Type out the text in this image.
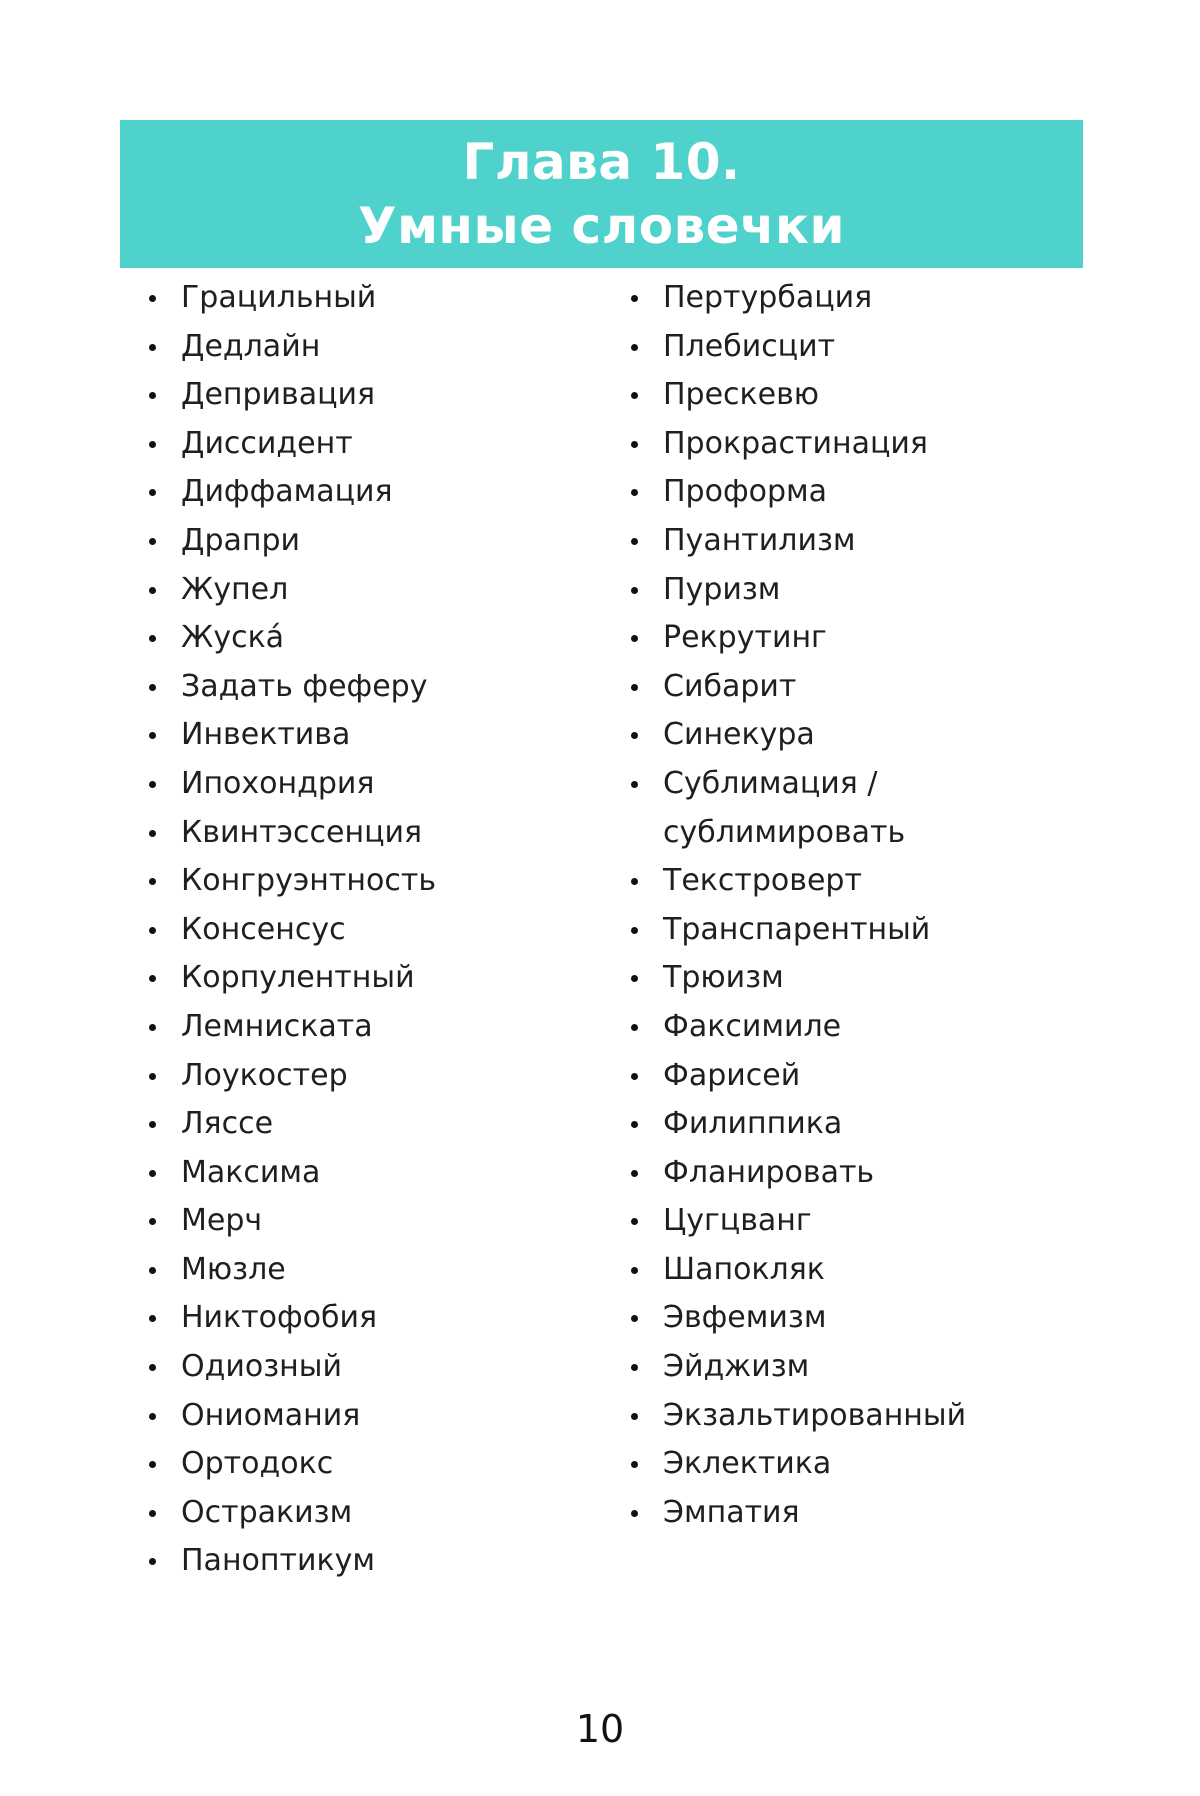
Глава 10.
Умные словечки
Грацильный
Дедлайн
Депривация
Диссидент
Диффамация
Драпри
Жупел
Жускá
Задать феферу
Инвектива
Ипохондрия
Квинтэссенция
Конгруэнтность
Консенсус
Корпулентный
Лемниската
Лоукостер
Ляссе
Максима
Мерч
Мюзле
Никтофобия
Одиозный
Ониомания
Ортодокс
Остракизм
Паноптикум
Пертурбация
Плебисцит
Прескевю
Прокрастинация
Проформа
Пуантилизм
Пуризм
Рекрутинг
Сибарит
Синекура
Сублимация /
сублимировать
Текстроверт
Транспарентный
Трюизм
Факсимиле
Фарисей
Филиппика
Фланировать
Цугцванг
Шапокляк
Эвфемизм
Эйджизм
Экзальтированный
Эклектика
Эмпатия
10
